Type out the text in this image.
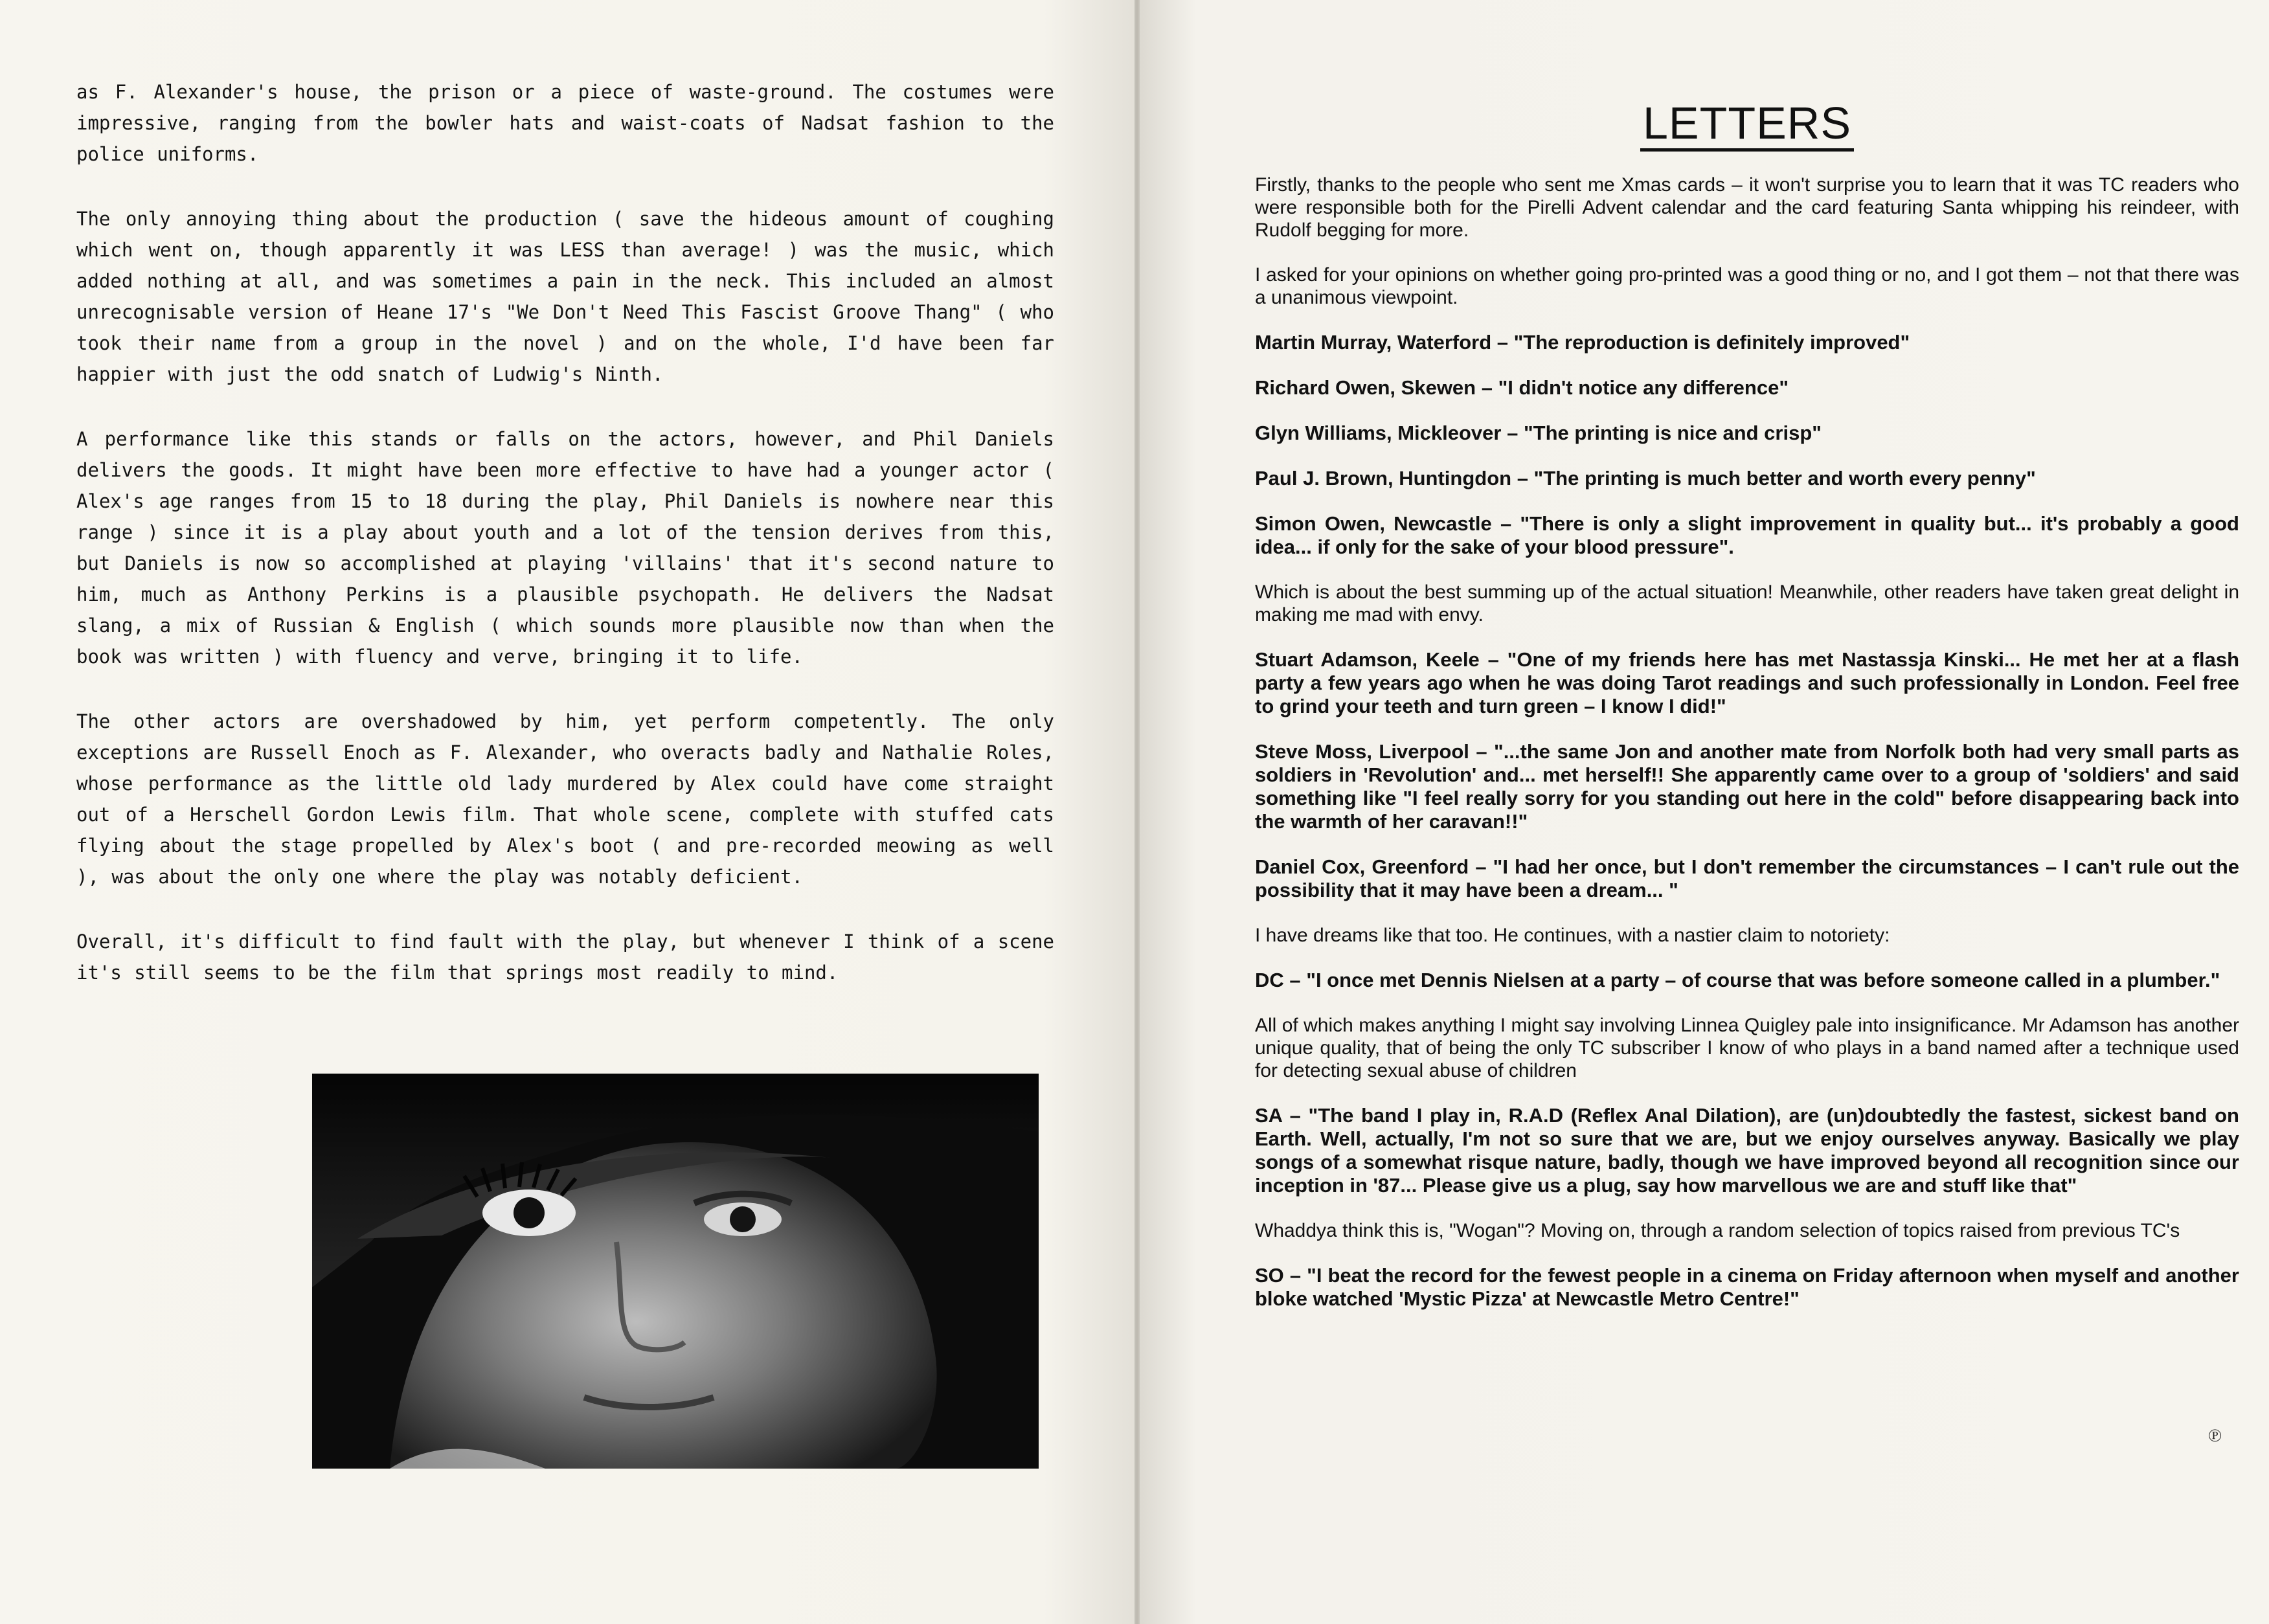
as F. Alexander's house, the prison or a piece of waste-ground. The costumes were impressive, ranging from the bowler hats and waist-coats of Nadsat fashion to the police uniforms.

The only annoying thing about the production ( save the hideous amount of coughing which went on, though apparently it was LESS than average! ) was the music, which added nothing at all, and was sometimes a pain in the neck. This included an almost unrecognisable version of Heane 17's "We Don't Need This Fascist Groove Thang" ( who took their name from a group in the novel ) and on the whole, I'd have been far happier with just the odd snatch of Ludwig's Ninth.

A performance like this stands or falls on the actors, however, and Phil Daniels delivers the goods. It might have been more effective to have had a younger actor ( Alex's age ranges from 15 to 18 during the play, Phil Daniels is nowhere near this range ) since it is a play about youth and a lot of the tension derives from this, but Daniels is now so accomplished at playing 'villains' that it's second nature to him, much as Anthony Perkins is a plausible psychopath. He delivers the Nadsat slang, a mix of Russian & English ( which sounds more plausible now than when the book was written ) with fluency and verve, bringing it to life.

The other actors are overshadowed by him, yet perform competently. The only exceptions are Russell Enoch as F. Alexander, who overacts badly and Nathalie Roles, whose performance as the little old lady murdered by Alex could have come straight out of a Herschell Gordon Lewis film. That whole scene, complete with stuffed cats flying about the stage propelled by Alex's boot ( and pre-recorded meowing as well ), was about the only one where the play was notably deficient.

Overall, it's difficult to find fault with the play, but whenever I think of a scene it's still seems to be the film that springs most readily to mind.

LETTERS
Firstly, thanks to the people who sent me Xmas cards – it won't surprise you to learn that it was TC readers who were responsible both for the Pirelli Advent calendar and the card featuring Santa whipping his reindeer, with Rudolf begging for more.
I asked for your opinions on whether going pro-printed was a good thing or no, and I got them – not that there was a unanimous viewpoint.
Martin Murray, Waterford – "The reproduction is definitely improved"
Richard Owen, Skewen – "I didn't notice any difference"
Glyn Williams, Mickleover – "The printing is nice and crisp"
Paul J. Brown, Huntingdon – "The printing is much better and worth every penny"
Simon Owen, Newcastle – "There is only a slight improvement in quality but... it's probably a good idea... if only for the sake of your blood pressure".
Which is about the best summing up of the actual situation! Meanwhile, other readers have taken great delight in making me mad with envy.
Stuart Adamson, Keele – "One of my friends here has met Nastassja Kinski... He met her at a flash party a few years ago when he was doing Tarot readings and such professionally in London. Feel free to grind your teeth and turn green – I know I did!"
Steve Moss, Liverpool – "...the same Jon and another mate from Norfolk both had very small parts as soldiers in 'Revolution' and... met herself!! She apparently came over to a group of 'soldiers' and said something like "I feel really sorry for you standing out here in the cold" before disappearing back into the warmth of her caravan!!"
Daniel Cox, Greenford – "I had her once, but I don't remember the circumstances – I can't rule out the possibility that it may have been a dream... "
I have dreams like that too. He continues, with a nastier claim to notoriety:
DC – "I once met Dennis Nielsen at a party – of course that was before someone called in a plumber."
All of which makes anything I might say involving Linnea Quigley pale into insignificance. Mr Adamson has another unique quality, that of being the only TC subscriber I know of who plays in a band named after a technique used for detecting sexual abuse of children
SA – "The band I play in, R.A.D (Reflex Anal Dilation), are (un)doubtedly the fastest, sickest band on Earth. Well, actually, I'm not so sure that we are, but we enjoy ourselves anyway. Basically we play songs of a somewhat risque nature, badly, though we have improved beyond all recognition since our inception in '87... Please give us a plug, say how marvellous we are and stuff like that"
Whaddya think this is, "Wogan"? Moving on, through a random selection of topics raised from previous TC's
SO – "I beat the record for the fewest people in a cinema on Friday afternoon when myself and another bloke watched 'Mystic Pizza' at Newcastle Metro Centre!"
℗
